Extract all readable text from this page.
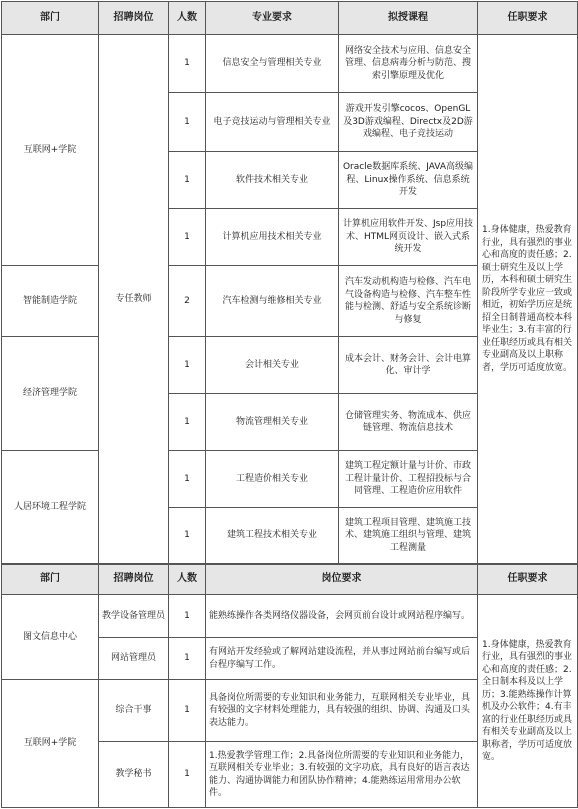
部门	招聘岗位	人数	专业要求	拟授课程	任职要求
互联网+学院	专任教师	1	信息安全与管理相关专业	网络安全技术与应用、信息安全管理、信息病毒分析与防范、搜索引擎原理及优化	1.身体健康，热爱教育行业，具有强烈的事业心和高度的责任感；2.硕士研究生及以上学历，本科和硕士研究生阶段所学专业应一致或相近，初始学历应是统招全日制普通高校本科毕业生；3.有丰富的行业任职经历或具有相关专业副高及以上职称者，学历可适度放宽。
		1	电子竞技运动与管理相关专业	游戏开发引擎cocos、OpenGL及3D游戏编程、Directx及2D游戏编程、电子竞技运动	
		1	软件技术相关专业	Oracle数据库系统、JAVA高级编程、Linux操作系统、信息系统开发	
		1	计算机应用技术相关专业	计算机应用软件开发、Jsp应用技术、HTML网页设计、嵌入式系统开发	
智能制造学院		2	汽车检测与维修相关专业	汽车发动机构造与检修、汽车电气设备构造与检修、汽车整车性能与检测、舒适与安全系统诊断与修复	
经济管理学院		1	会计相关专业	成本会计、财务会计、会计电算化、审计学	
		1	物流管理相关专业	仓储管理实务、物流成本、供应链管理、物流信息技术	
人居环境工程学院		1	工程造价相关专业	建筑工程定额计量与计价、市政工程计量计价、工程招投标与合同管理、工程造价应用软件	
		1	建筑工程技术相关专业	建筑工程项目管理、建筑施工技术、建筑施工组织与管理、建筑工程测量	
部门	招聘岗位	人数	岗位要求	任职要求
图文信息中心	教学设备管理员	1	能熟练操作各类网络仪器设备，会网页前台设计或网站程序编写。	1.身体健康，热爱教育行业，具有强烈的事业心和高度的责任感；2.全日制本科及以上学历；3.能熟练操作计算机及办公软件；4.有丰富的行业任职经历或具有相关专业副高及以上职称者，学历可适度放宽。
	网站管理员	1	有网站开发经验或了解网站建设流程，并从事过网站前台编写或后台程序编写工作。	
互联网+学院	综合干事	1	具备岗位所需要的专业知识和业务能力，互联网相关专业毕业，具有较强的文字材料处理能力，具有较强的组织、协调、沟通及口头表达能力。	
	教学秘书	1	1.热爱教学管理工作；2.具备岗位所需要的专业知识和业务能力，互联网相关专业毕业；3.有较强的文字功底，具有良好的语言表达能力、沟通协调能力和团队协作精神；4.能熟练运用常用办公软件。	
